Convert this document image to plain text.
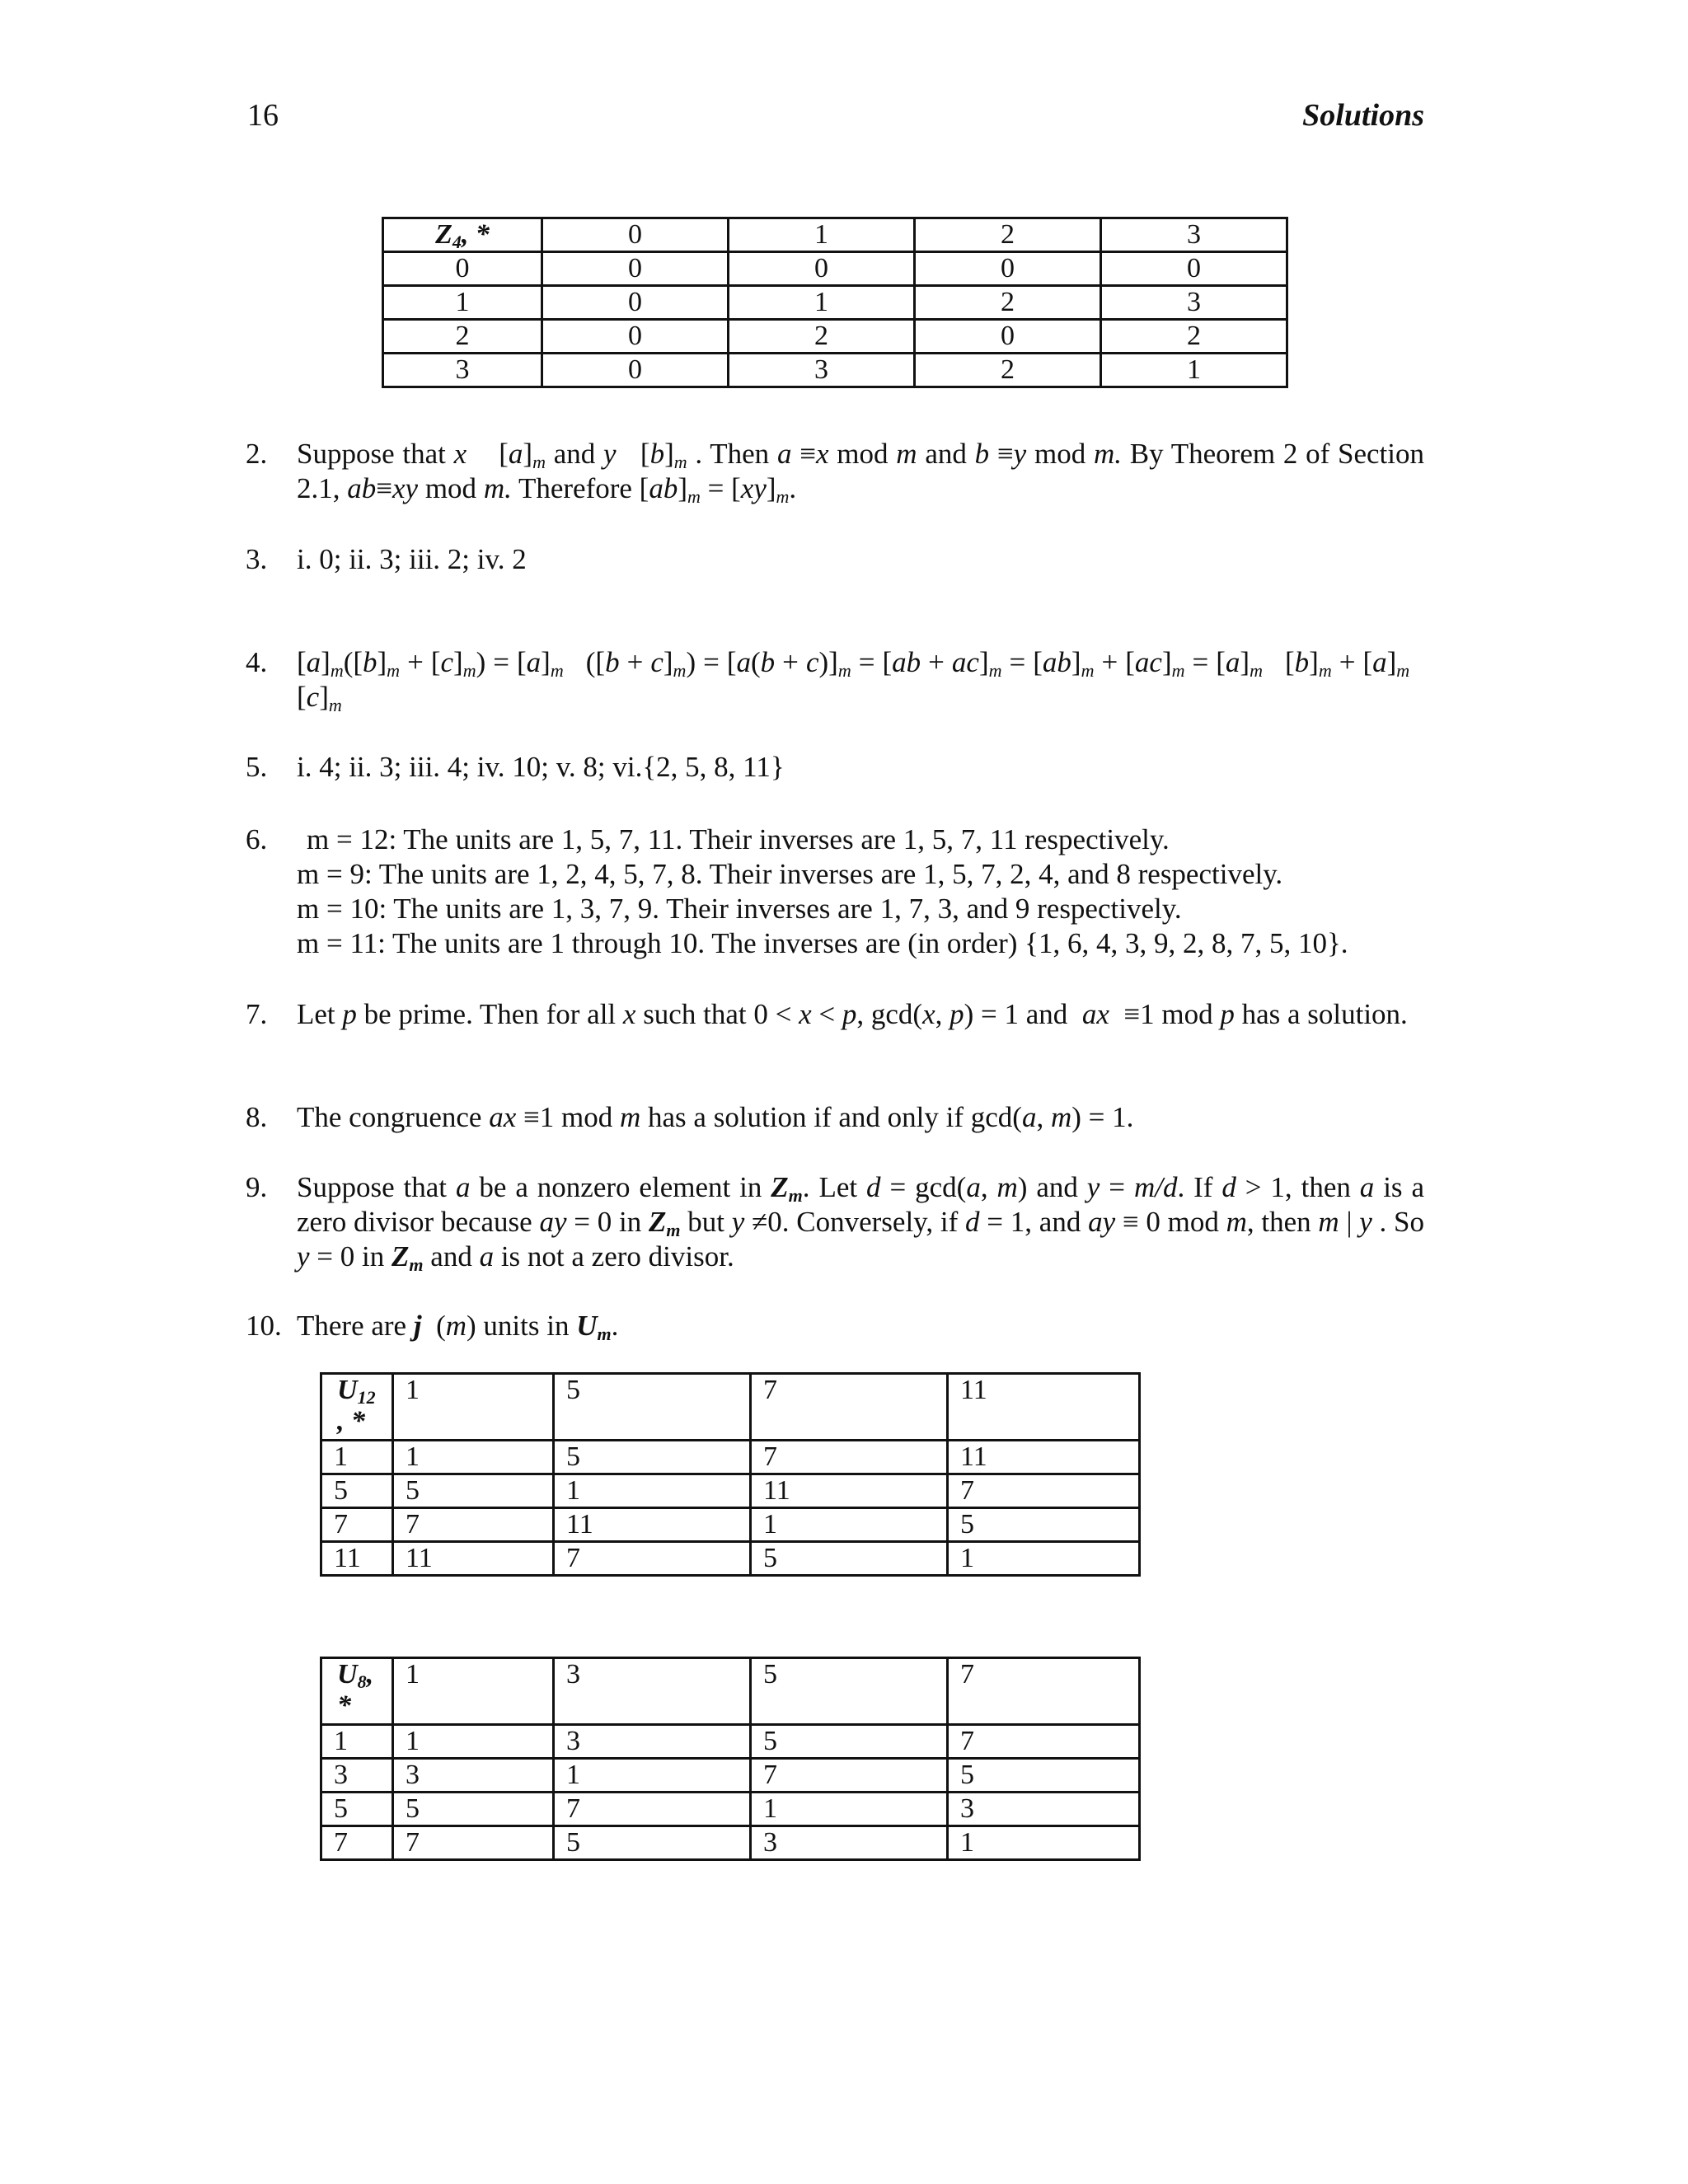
16	Solutions
$Z_4$, *	0	1	2	3
0	0	0	0	0
1	0	1	2	3
2	0	2	0	2
3	0	3	2	1
2. Suppose that x    $[a]_m$ and y   $[b]_m$ . Then a ≡x mod m and b ≡y mod m. By Theorem 2 of Section 2.1, ab≡xy mod m. Therefore $[ab]_m = [xy]_m$.
3. i. 0; ii. 3; iii. 2; iv. 2
4. $[a]_m([b]_m + [c]_m) = [a]_m$   $([b + c]_m) = [a(b + c)]_m = [ab + ac]_m = [ab]_m + [ac]_m = [a]_m$   $[b]_m + [a]_m$   $[c]_m$
5. i. 4; ii. 3; iii. 4; iv. 10; v. 8; vi.{2, 5, 8, 11}
6.	m = 12: The units are 1, 5, 7, 11. Their inverses are 1, 5, 7, 11 respectively.
m = 9: The units are 1, 2, 4, 5, 7, 8. Their inverses are 1, 5, 7, 2, 4, and 8 respectively.
m = 10: The units are 1, 3, 7, 9. Their inverses are 1, 7, 3, and 9 respectively.
m = 11: The units are 1 through 10. The inverses are (in order) {1, 6, 4, 3, 9, 2, 8, 7, 5, 10}.
7. Let p be prime. Then for all x such that 0 < x < p, gcd(x, p) = 1 and  ax  ≡1 mod p has a solution.
8. The congruence ax ≡1 mod m has a solution if and only if gcd(a, m) = 1.
9. Suppose that a be a nonzero element in $Z_m$. Let d = gcd(a, m) and y = m/d. If d > 1, then a is a zero divisor because ay = 0 in $Z_m$ but y ≠0. Conversely, if d = 1, and ay ≡ 0 mod m, then m | y . So y = 0 in $Z_m$ and a is not a zero divisor.
10. There are j  (m) units in $U_m$.
$U_{12}$
, *	1	5	7	11
1	1	5	7	11
5	5	1	11	7
7	7	11	1	5
11	11	7	5	1
$U_8$,
*	1	3	5	7
1	1	3	5	7
3	3	1	7	5
5	5	7	1	3
7	7	5	3	1
